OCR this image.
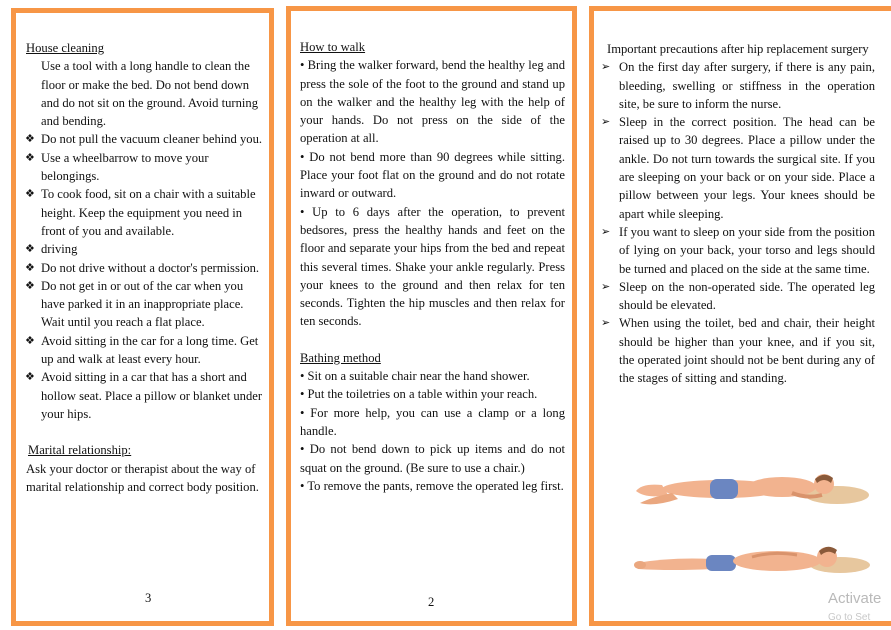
House cleaning
Use a tool with a long handle to clean the floor or make the bed. Do not bend down and do not sit on the ground. Avoid turning and bending.
❖ Do not pull the vacuum cleaner behind you.
❖ Use a wheelbarrow to move your belongings.
❖ To cook food, sit on a chair with a suitable height. Keep the equipment you need in front of you and available.
❖ driving
❖ Do not drive without a doctor's permission.
❖ Do not get in or out of the car when you have parked it in an inappropriate place. Wait until you reach a flat place.
❖ Avoid sitting in the car for a long time. Get up and walk at least every hour.
❖ Avoid sitting in a car that has a short and hollow seat. Place a pillow or blanket under your hips.
Marital relationship:
Ask your doctor or therapist about the way of marital relationship and correct body position.
3
How to walk
• Bring the walker forward, bend the healthy leg and press the sole of the foot to the ground and stand up on the walker and the healthy leg with the help of your hands. Do not press on the side of the operation at all.
• Do not bend more than 90 degrees while sitting. Place your foot flat on the ground and do not rotate inward or outward.
• Up to 6 days after the operation, to prevent bedsores, press the healthy hands and feet on the floor and separate your hips from the bed and repeat this several times. Shake your ankle regularly. Press your knees to the ground and then relax for ten seconds. Tighten the hip muscles and then relax for ten seconds.
Bathing method
• Sit on a suitable chair near the hand shower.
• Put the toiletries on a table within your reach.
• For more help, you can use a clamp or a long handle.
• Do not bend down to pick up items and do not squat on the ground. (Be sure to use a chair.)
• To remove the pants, remove the operated leg first.
2
Important precautions after hip replacement surgery
➢ On the first day after surgery, if there is any pain, bleeding, swelling or stiffness in the operation site, be sure to inform the nurse.
➢ Sleep in the correct position. The head can be raised up to 30 degrees. Place a pillow under the ankle. Do not turn towards the surgical site. If you are sleeping on your back or on your side. Place a pillow between your legs. Your knees should be apart while sleeping.
➢ If you want to sleep on your side from the position of lying on your back, your torso and legs should be turned and placed on the side at the same time.
➢ Sleep on the non-operated side. The operated leg should be elevated.
➢ When using the toilet, bed and chair, their height should be higher than your knee, and if you sit, the operated joint should not be bent during any of the stages of sitting and standing.
Activate
Go to Set
